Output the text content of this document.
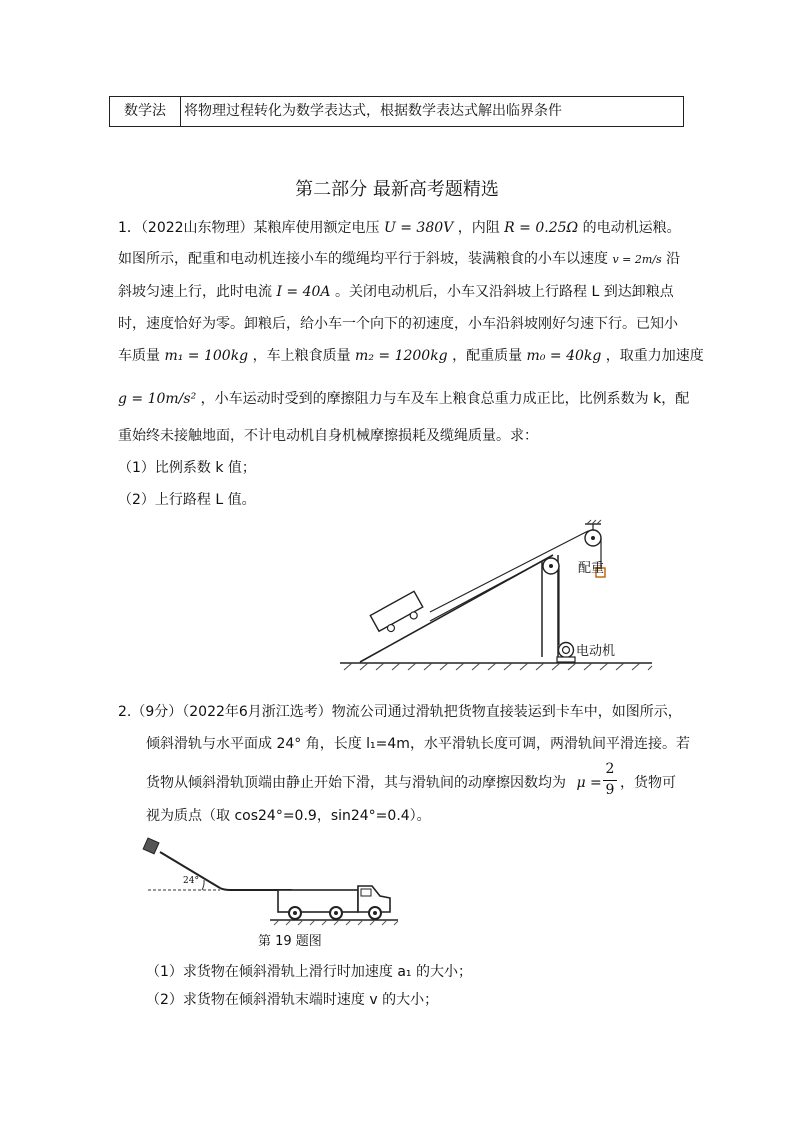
数学法	将物理过程转化为数学表达式，根据数学表达式解出临界条件
第二部分 最新高考题精选
1．（2022山东物理）某粮库使用额定电压 U = 380V ，内阻 R = 0.25Ω 的电动机运粮。
如图所示，配重和电动机连接小车的缆绳均平行于斜坡，装满粮食的小车以速度 v = 2m/s 沿
斜坡匀速上行，此时电流 I = 40A 。关闭电动机后，小车又沿斜坡上行路程 L 到达卸粮点
时，速度恰好为零。卸粮后，给小车一个向下的初速度，小车沿斜坡刚好匀速下行。已知小
车质量 m₁ = 100kg ，车上粮食质量 m₂ = 1200kg ，配重质量 m₀ = 40kg ，取重力加速度
g = 10m/s² ，小车运动时受到的摩擦阻力与车及车上粮食总重力成正比，比例系数为 k，配
重始终未接触地面，不计电动机自身机械摩擦损耗及缆绳质量。求：
（1）比例系数 k 值；
（2）上行路程 L 值。
配重
电动机
2.（9分）（2022年6月浙江选考）物流公司通过滑轨把货物直接装运到卡车中，如图所示，
倾斜滑轨与水平面成 24° 角，长度 l₁=4m，水平滑轨长度可调，两滑轨间平滑连接。若
货物从倾斜滑轨顶端由静止开始下滑，其与滑轨间的动摩擦因数均为 $\mu = \frac{2}{9}$ ，货物可
视为质点（取 cos24°=0.9，sin24°=0.4）。
24°
第 19 题图
（1）求货物在倾斜滑轨上滑行时加速度 a₁ 的大小；
（2）求货物在倾斜滑轨末端时速度 v 的大小；
